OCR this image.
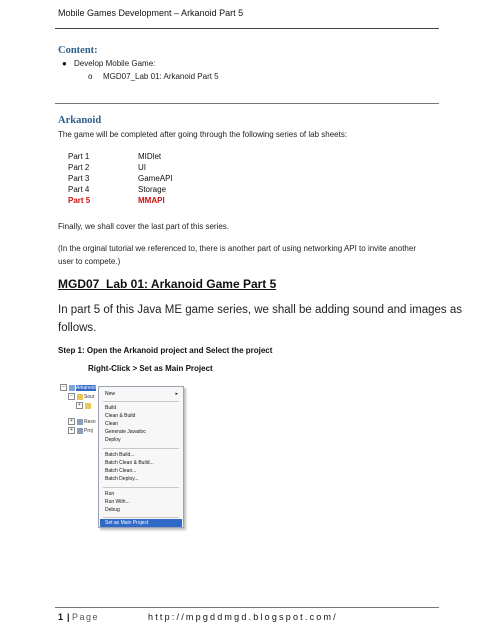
Mobile Games Development – Arkanoid Part 5
Content:
● Develop Mobile Game:
o MGD07_Lab 01: Arkanoid Part 5
Arkanoid
The game will be completed after going through the following series of lab sheets:
Part 1	MIDlet
Part 2	UI
Part 3	GameAPI
Part 4	Storage
Part 5	MMAPI
Finally, we shall cover the last part of this series.
(In the orginal tutorial we referenced to, there is another part of using networking API to invite another
user to compete.)
MGD07_Lab 01: Arkanoid Game Part 5
In part 5 of this Java ME game series, we shall be adding sound and images as
follows.
Step 1: Open the Arkanoid project and Select the project
Right-Click > Set as Main Project
− Arkanoid
− Sour
+
+ Reso
+ Proj
New	▸
Build
Clean & Build
Clean
Generate Javadoc
Deploy
Batch Build...
Batch Clean & Build...
Batch Clean...
Batch Deploy...
Run
Run With...
Debug
Set as Main Project
1 | Page	http://mpgddmgd.blogspot.com/
